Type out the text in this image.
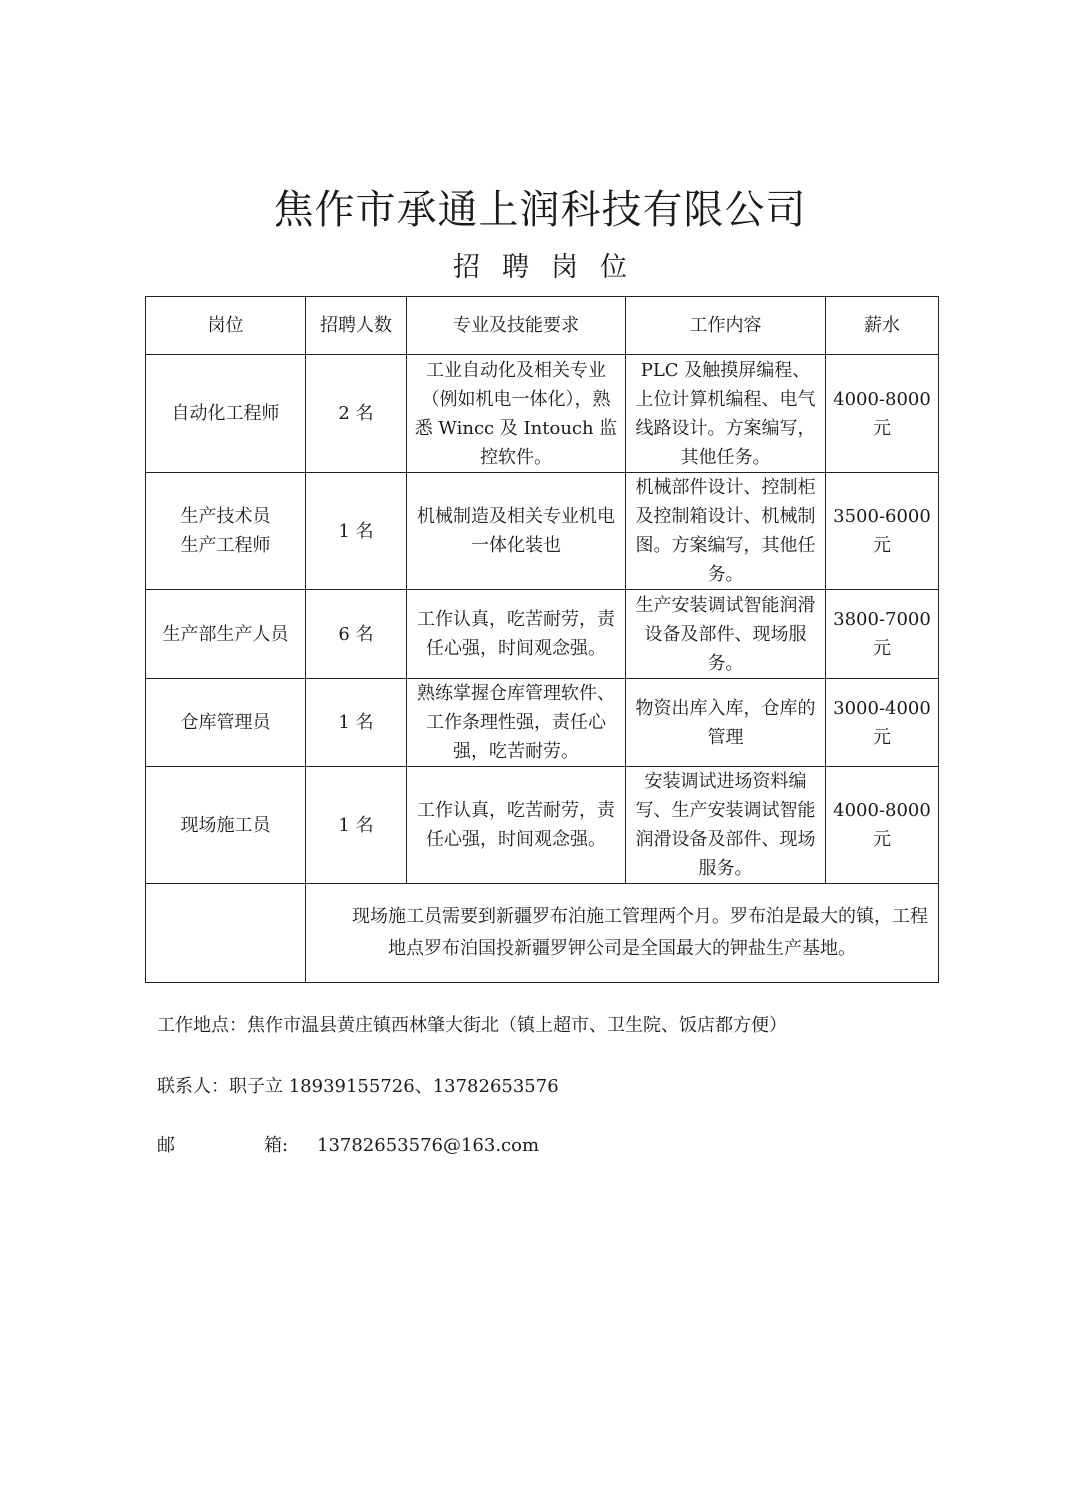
焦作市承通上润科技有限公司
招聘岗位
岗位	招聘人数	专业及技能要求	工作内容	薪水
自动化工程师	2 名	工业自动化及相关专业（例如机电一体化），熟悉 Wincc 及 Intouch 监控软件。	PLC 及触摸屏编程、上位计算机编程、电气线路设计。方案编写，其他任务。	4000-8000元

生产技术员
生产工程师	1 名	机械制造及相关专业机电一体化装也	机械部件设计、控制柜及控制箱设计、机械制图。方案编写，其他任务。	3500-6000元
生产部生产人员	6 名	工作认真，吃苦耐劳，责任心强，时间观念强。	生产安装调试智能润滑设备及部件、现场服务。	3800-7000元
仓库管理员	1 名	熟练掌握仓库管理软件、工作条理性强，责任心强，吃苦耐劳。	物资出库入库，仓库的管理	3000-4000元
现场施工员	1 名	工作认真，吃苦耐劳，责任心强，时间观念强。	安装调试进场资料编写、生产安装调试智能润滑设备及部件、现场服务。	4000-8000元

	现场施工员需要到新疆罗布泊施工管理两个月。罗布泊是最大的镇，工程地点罗布泊国投新疆罗钾公司是全国最大的钾盐生产基地。			
工作地点：焦作市温县黄庄镇西林肇大街北（镇上超市、卫生院、饭店都方便）
联系人：职子立 18939155726、13782653576
邮	箱: 13782653576@163.com
